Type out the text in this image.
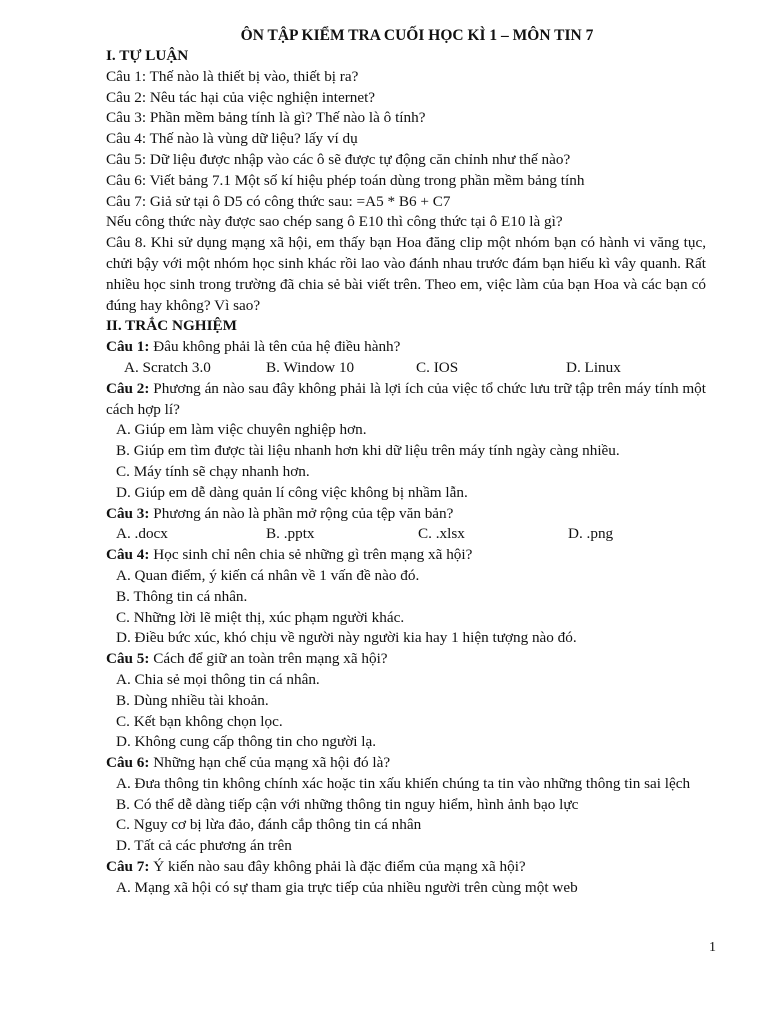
ÔN TẬP KIỂM TRA CUỐI HỌC KÌ 1 – MÔN TIN 7
I. TỰ LUẬN
Câu 1: Thế nào là thiết bị vào, thiết bị ra?
Câu 2: Nêu tác hại của việc nghiện internet?
Câu 3: Phần mềm bảng tính là gì? Thế nào là ô tính?
Câu 4: Thế nào là vùng dữ liệu? lấy ví dụ
Câu 5: Dữ liệu được nhập vào các ô sẽ được tự động căn chỉnh như thế nào?
Câu 6: Viết bảng 7.1 Một số kí hiệu phép toán dùng trong phần mềm bảng tính
Câu 7: Giả sử tại ô D5 có công thức sau: =A5 * B6 + C7
Nếu công thức này được sao chép sang ô E10 thì công thức tại ô E10 là gì?
Câu 8. Khi sử dụng mạng xã hội, em thấy bạn Hoa đăng clip một nhóm bạn có hành vi văng tục, chửi bậy với một nhóm học sinh khác rồi lao vào đánh nhau trước đám bạn hiếu kì vây quanh. Rất nhiều học sinh trong trường đã chia sẻ bài viết trên. Theo em, việc làm của bạn Hoa và các bạn có đúng hay không? Vì sao?
II. TRẮC NGHIỆM
Câu 1: Đâu không phải là tên của hệ điều hành?
A. Scratch 3.0	B. Window 10	C. IOS	D. Linux
Câu 2: Phương án nào sau đây không phải là lợi ích của việc tổ chức lưu trữ tập trên máy tính một cách hợp lí?
A. Giúp em làm việc chuyên nghiệp hơn.
B. Giúp em tìm được tài liệu nhanh hơn khi dữ liệu trên máy tính ngày càng nhiều.
C. Máy tính sẽ chạy nhanh hơn.
D. Giúp em dễ dàng quản lí công việc không bị nhầm lẫn.
Câu 3: Phương án nào là phần mở rộng của tệp văn bản?
A. .docx	B. .pptx	C. .xlsx	D. .png
Câu 4: Học sinh chỉ nên chia sẻ những gì trên mạng xã hội?
A. Quan điểm, ý kiến cá nhân về 1 vấn đề nào đó.
B. Thông tin cá nhân.
C. Những lời lẽ miệt thị, xúc phạm người khác.
D. Điều bức xúc, khó chịu về người này người kia hay 1 hiện tượng nào đó.
Câu 5: Cách để giữ an toàn trên mạng xã hội?
A. Chia sẻ mọi thông tin cá nhân.
B. Dùng nhiều tài khoản.
C. Kết bạn không chọn lọc.
D. Không cung cấp thông tin cho người lạ.
Câu 6: Những hạn chế của mạng xã hội đó là?
A. Đưa thông tin không chính xác hoặc tin xấu khiến chúng ta tin vào những thông tin sai lệch
B. Có thể dễ dàng tiếp cận với những thông tin nguy hiểm, hình ảnh bạo lực
C. Nguy cơ bị lừa đảo, đánh cắp thông tin cá nhân
D. Tất cả các phương án trên
Câu 7: Ý kiến nào sau đây không phải là đặc điểm của mạng xã hội?
A. Mạng xã hội có sự tham gia trực tiếp của nhiều người trên cùng một web
1
